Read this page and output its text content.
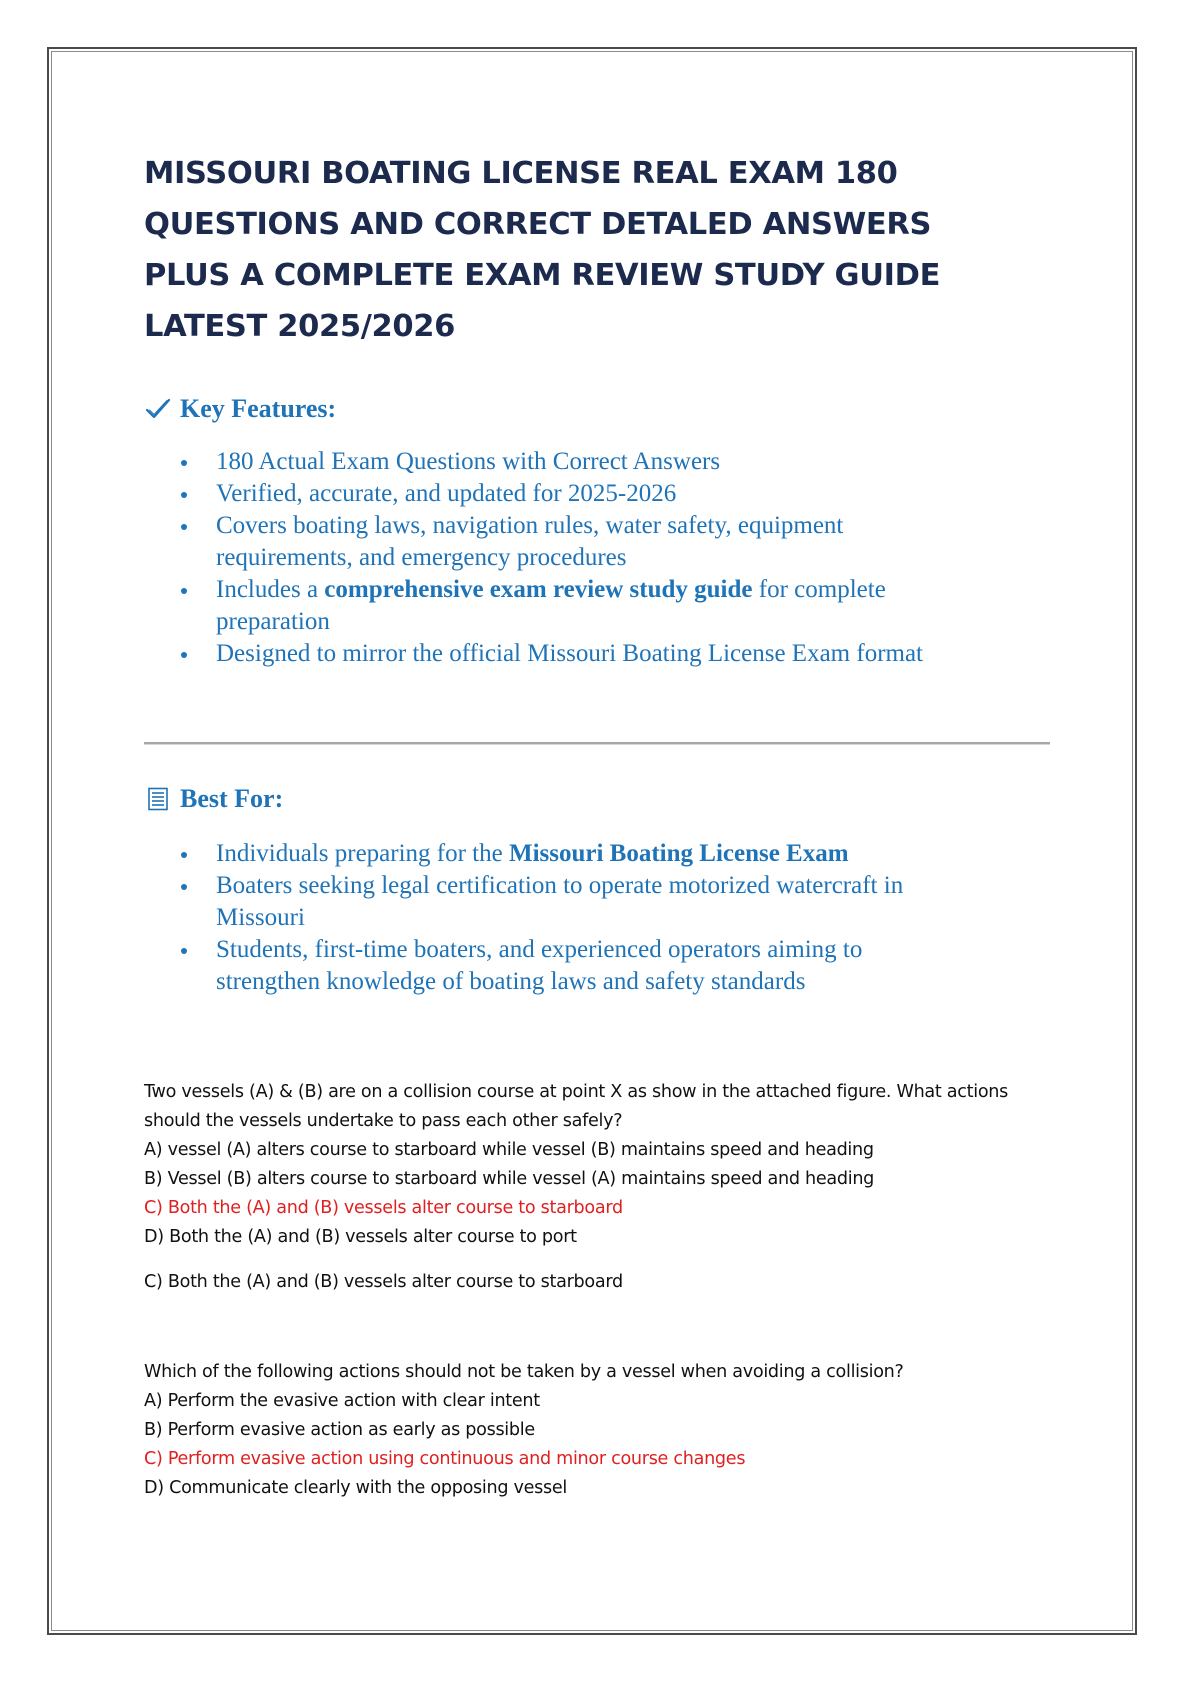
MISSOURI BOATING LICENSE REAL EXAM 180
QUESTIONS AND CORRECT DETALED ANSWERS
PLUS A COMPLETE EXAM REVIEW STUDY GUIDE
LATEST 2025/2026
Key Features:
180 Actual Exam Questions with Correct Answers
Verified, accurate, and updated for 2025-2026
Covers boating laws, navigation rules, water safety, equipment
requirements, and emergency procedures
Includes a comprehensive exam review study guide for complete
preparation
Designed to mirror the official Missouri Boating License Exam format
Best For:
Individuals preparing for the Missouri Boating License Exam
Boaters seeking legal certification to operate motorized watercraft in
Missouri
Students, first-time boaters, and experienced operators aiming to
strengthen knowledge of boating laws and safety standards
Two vessels (A) & (B) are on a collision course at point X as show in the attached figure. What actions
should the vessels undertake to pass each other safely?
A) vessel (A) alters course to starboard while vessel (B) maintains speed and heading
B) Vessel (B) alters course to starboard while vessel (A) maintains speed and heading
C) Both the (A) and (B) vessels alter course to starboard
D) Both the (A) and (B) vessels alter course to port
C) Both the (A) and (B) vessels alter course to starboard
Which of the following actions should not be taken by a vessel when avoiding a collision?
A) Perform the evasive action with clear intent
B) Perform evasive action as early as possible
C) Perform evasive action using continuous and minor course changes
D) Communicate clearly with the opposing vessel
